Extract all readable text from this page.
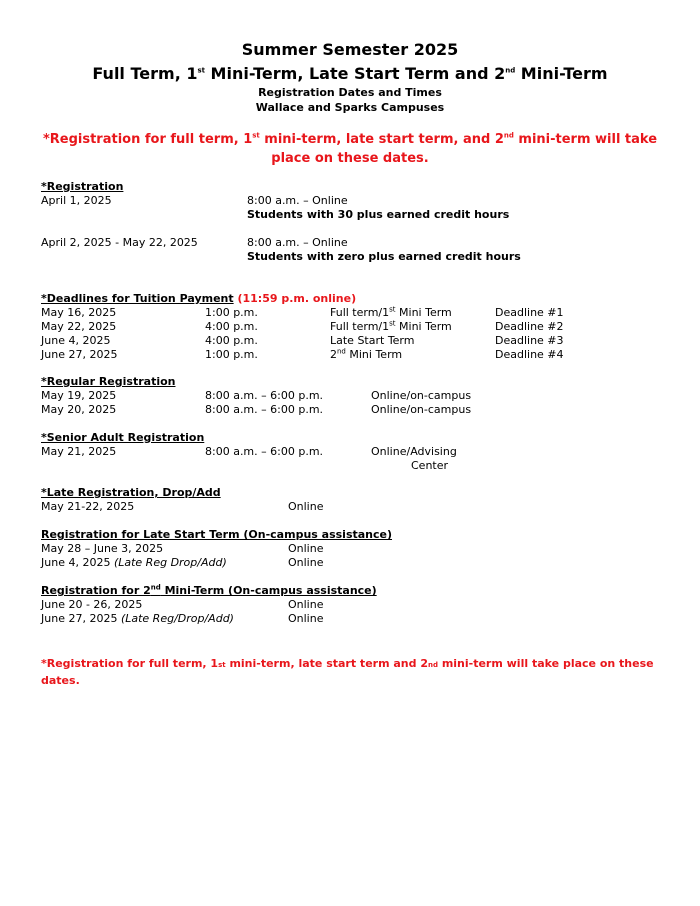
Summer Semester 2025
Full Term, 1st Mini-Term, Late Start Term and 2nd Mini-Term
Registration Dates and Times
Wallace and Sparks Campuses
*Registration for full term, 1st mini-term, late start term, and 2nd mini-term will take place on these dates.
*Registration
April 1, 2025	8:00 a.m. – Online
Students with 30 plus earned credit hours
April 2, 2025 - May 22, 2025	8:00 a.m. – Online
Students with zero plus earned credit hours
*Deadlines for Tuition Payment (11:59 p.m. online)
May 16, 2025	1:00 p.m.	Full term/1st Mini Term	Deadline #1
May 22, 2025	4:00 p.m.	Full term/1st Mini Term	Deadline #2
June 4, 2025	4:00 p.m.	Late Start Term	Deadline #3
June 27, 2025	1:00 p.m.	2nd Mini Term	Deadline #4
*Regular Registration
May 19, 2025	8:00 a.m. – 6:00 p.m.	Online/on-campus
May 20, 2025	8:00 a.m. – 6:00 p.m.	Online/on-campus
*Senior Adult Registration
May 21, 2025	8:00 a.m. – 6:00 p.m.	Online/Advising
Center
*Late Registration, Drop/Add
May 21-22, 2025	Online
Registration for Late Start Term (On-campus assistance)
May 28 – June 3, 2025	Online
June 4, 2025 (Late Reg Drop/Add)	Online
Registration for 2nd Mini-Term (On-campus assistance)
June 20 - 26, 2025	Online
June 27, 2025 (Late Reg/Drop/Add)	Online
*Registration for full term, 1st mini-term, late start term and 2nd mini-term will take place on these dates.
